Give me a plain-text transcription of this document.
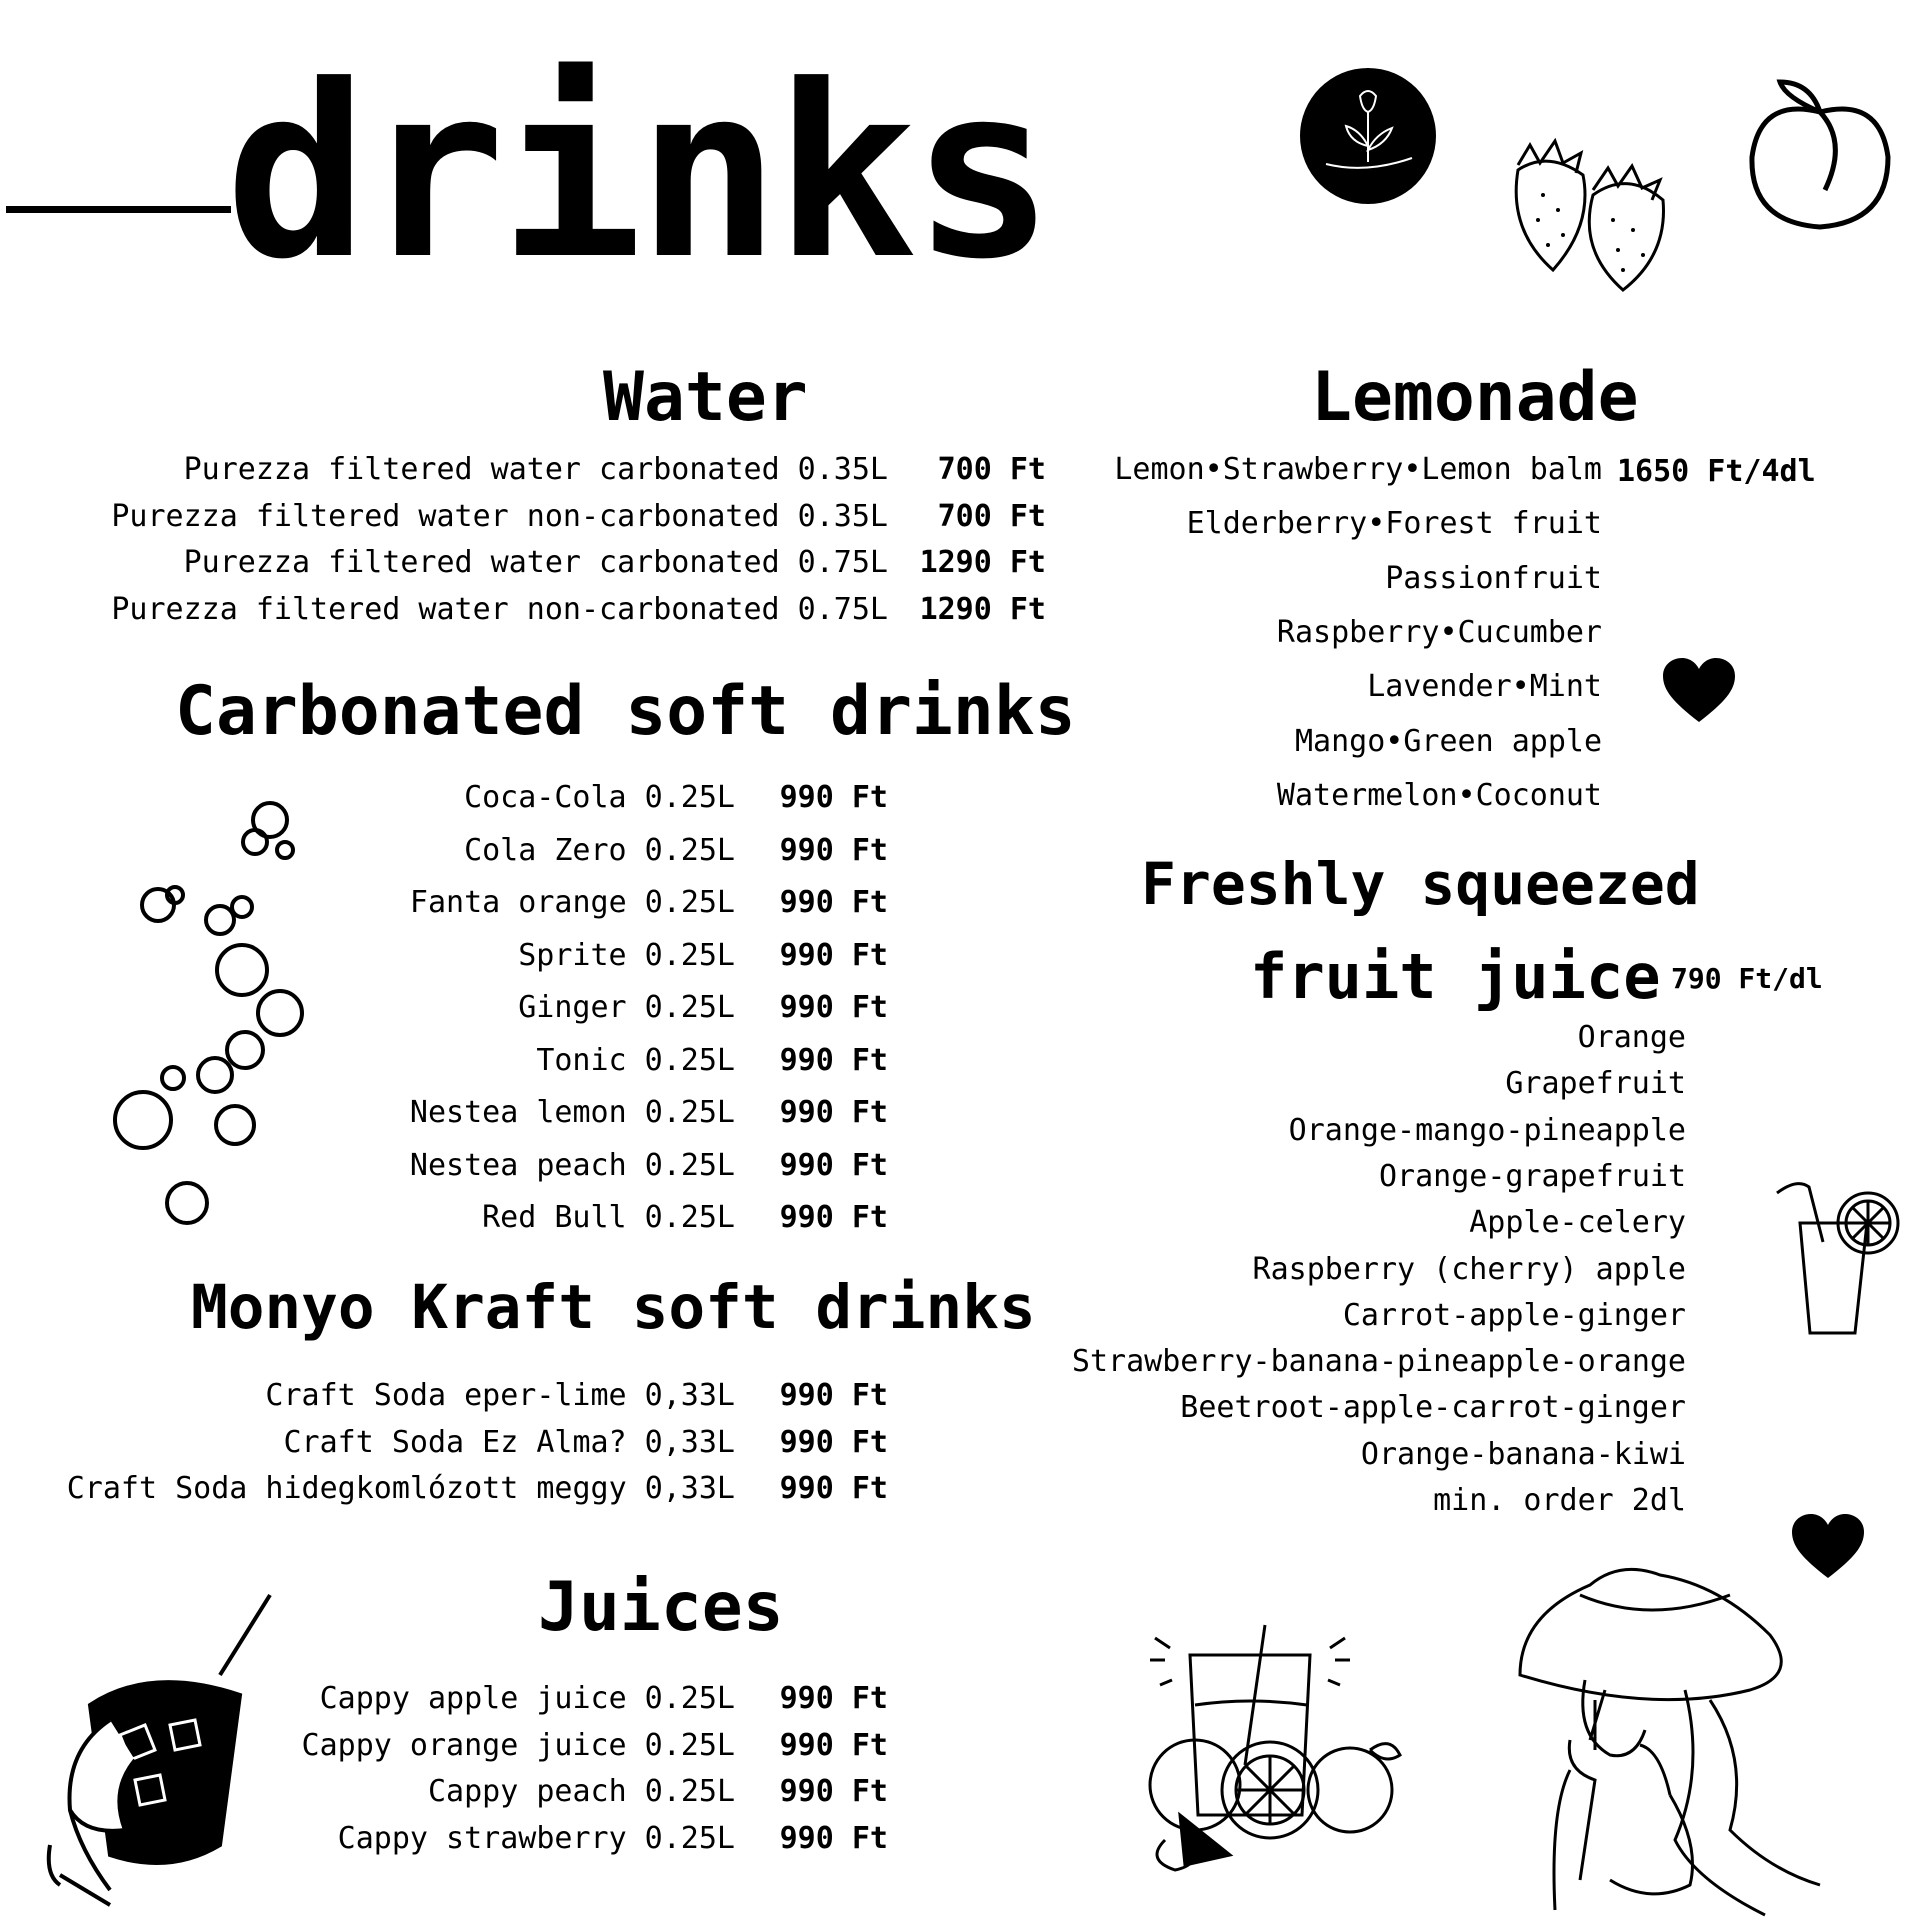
drinks
Water
Purezza filtered water carbonated 0.35L 700 Ft
Purezza filtered water non-carbonated 0.35L 700 Ft
Purezza filtered water carbonated 0.75L 1290 Ft
Purezza filtered water non-carbonated 0.75L 1290 Ft
Carbonated soft drinks
Coca-Cola 0.25L 990 Ft
Cola Zero 0.25L 990 Ft
Fanta orange 0.25L 990 Ft
Sprite 0.25L 990 Ft
Ginger 0.25L 990 Ft
Tonic 0.25L 990 Ft
Nestea lemon 0.25L 990 Ft
Nestea peach 0.25L 990 Ft
Red Bull 0.25L 990 Ft
Monyo Kraft soft drinks
Craft Soda eper-lime 0,33L 990 Ft
Craft Soda Ez Alma? 0,33L 990 Ft
Craft Soda hidegkomlózott meggy 0,33L 990 Ft
Juices
Cappy apple juice 0.25L 990 Ft
Cappy orange juice 0.25L 990 Ft
Cappy peach 0.25L 990 Ft
Cappy strawberry 0.25L 990 Ft
Lemonade
1650 Ft/4dl
Lemon•Strawberry•Lemon balm
Elderberry•Forest fruit
Passionfruit
Raspberry•Cucumber
Lavender•Mint
Mango•Green apple
Watermelon•Coconut
Freshly squeezed
fruit juice 790 Ft/dl
Orange
Grapefruit
Orange-mango-pineapple
Orange-grapefruit
Apple-celery
Raspberry (cherry) apple
Carrot-apple-ginger
Strawberry-banana-pineapple-orange
Beetroot-apple-carrot-ginger
Orange-banana-kiwi
min. order 2dl
